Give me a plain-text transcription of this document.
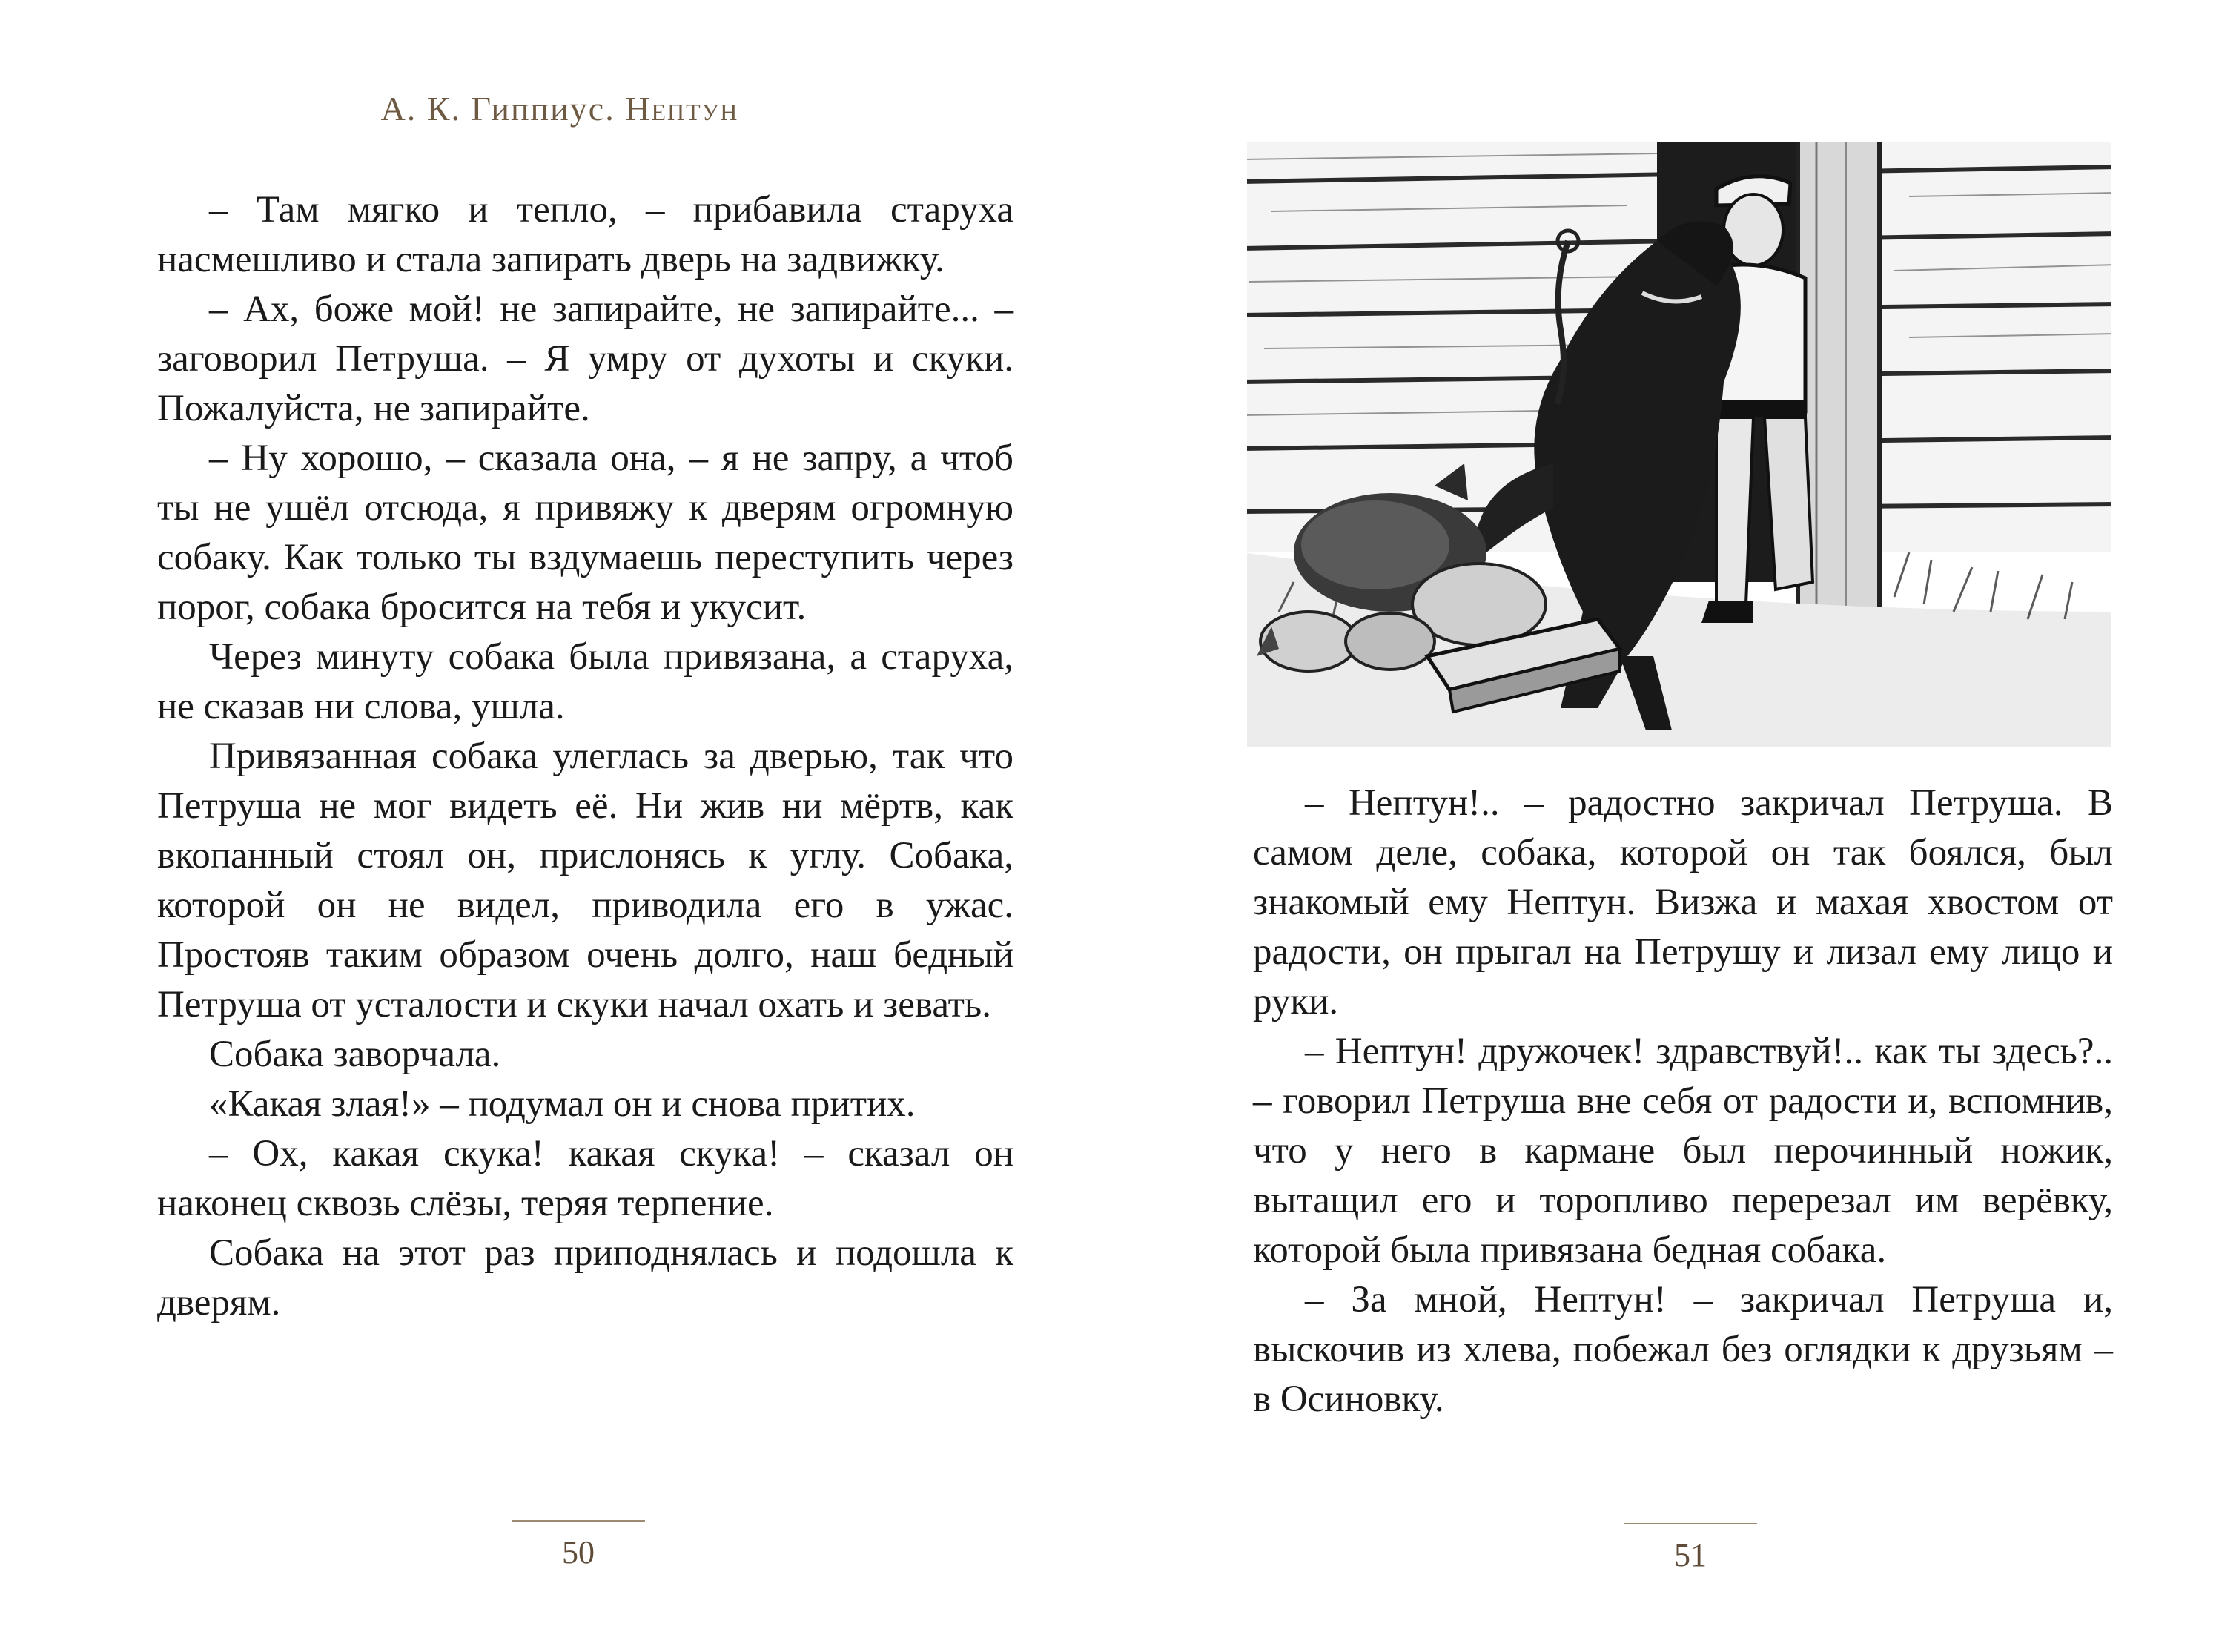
А. К. Гиппиус. Нептун

– Там мягко и тепло, – прибавила старуха насмешливо и стала запирать дверь на задвижку.

– Ах, боже мой! не запирайте, не запирайте... – заговорил Петруша. – Я умру от духоты и скуки. Пожалуйста, не запирайте.

– Ну хорошо, – сказала она, – я не запру, а чтоб ты не ушёл отсюда, я привяжу к дверям огромную собаку. Как только ты вздумаешь переступить через порог, собака бросится на тебя и укусит.

Через минуту собака была привязана, а старуха, не сказав ни слова, ушла.

Привязанная собака улеглась за дверью, так что Петруша не мог видеть её. Ни жив ни мёртв, как вкопанный стоял он, прислонясь к углу. Собака, которой он не видел, приводила его в ужас. Простояв таким образом очень долго, наш бедный Петруша от усталости и скуки начал охать и зевать.

Собака заворчала.

«Какая злая!» – подумал он и снова притих.

– Ох, какая скука! какая скука! – сказал он наконец сквозь слёзы, теряя терпение.

Собака на этот раз приподнялась и подошла к дверям.

50

– Нептун!.. – радостно закричал Петруша. В самом деле, собака, которой он так боялся, был знакомый ему Нептун. Визжа и махая хвостом от радости, он прыгал на Петрушу и лизал ему лицо и руки.

– Нептун! дружочек! здравствуй!.. как ты здесь?.. – говорил Петруша вне себя от радости и, вспомнив, что у него в кармане был перочинный ножик, вытащил его и торопливо перерезал им верёвку, которой была привязана бедная собака.

– За мной, Нептун! – закричал Петруша и, выскочив из хлева, побежал без оглядки к друзьям – в Осиновку.

51
